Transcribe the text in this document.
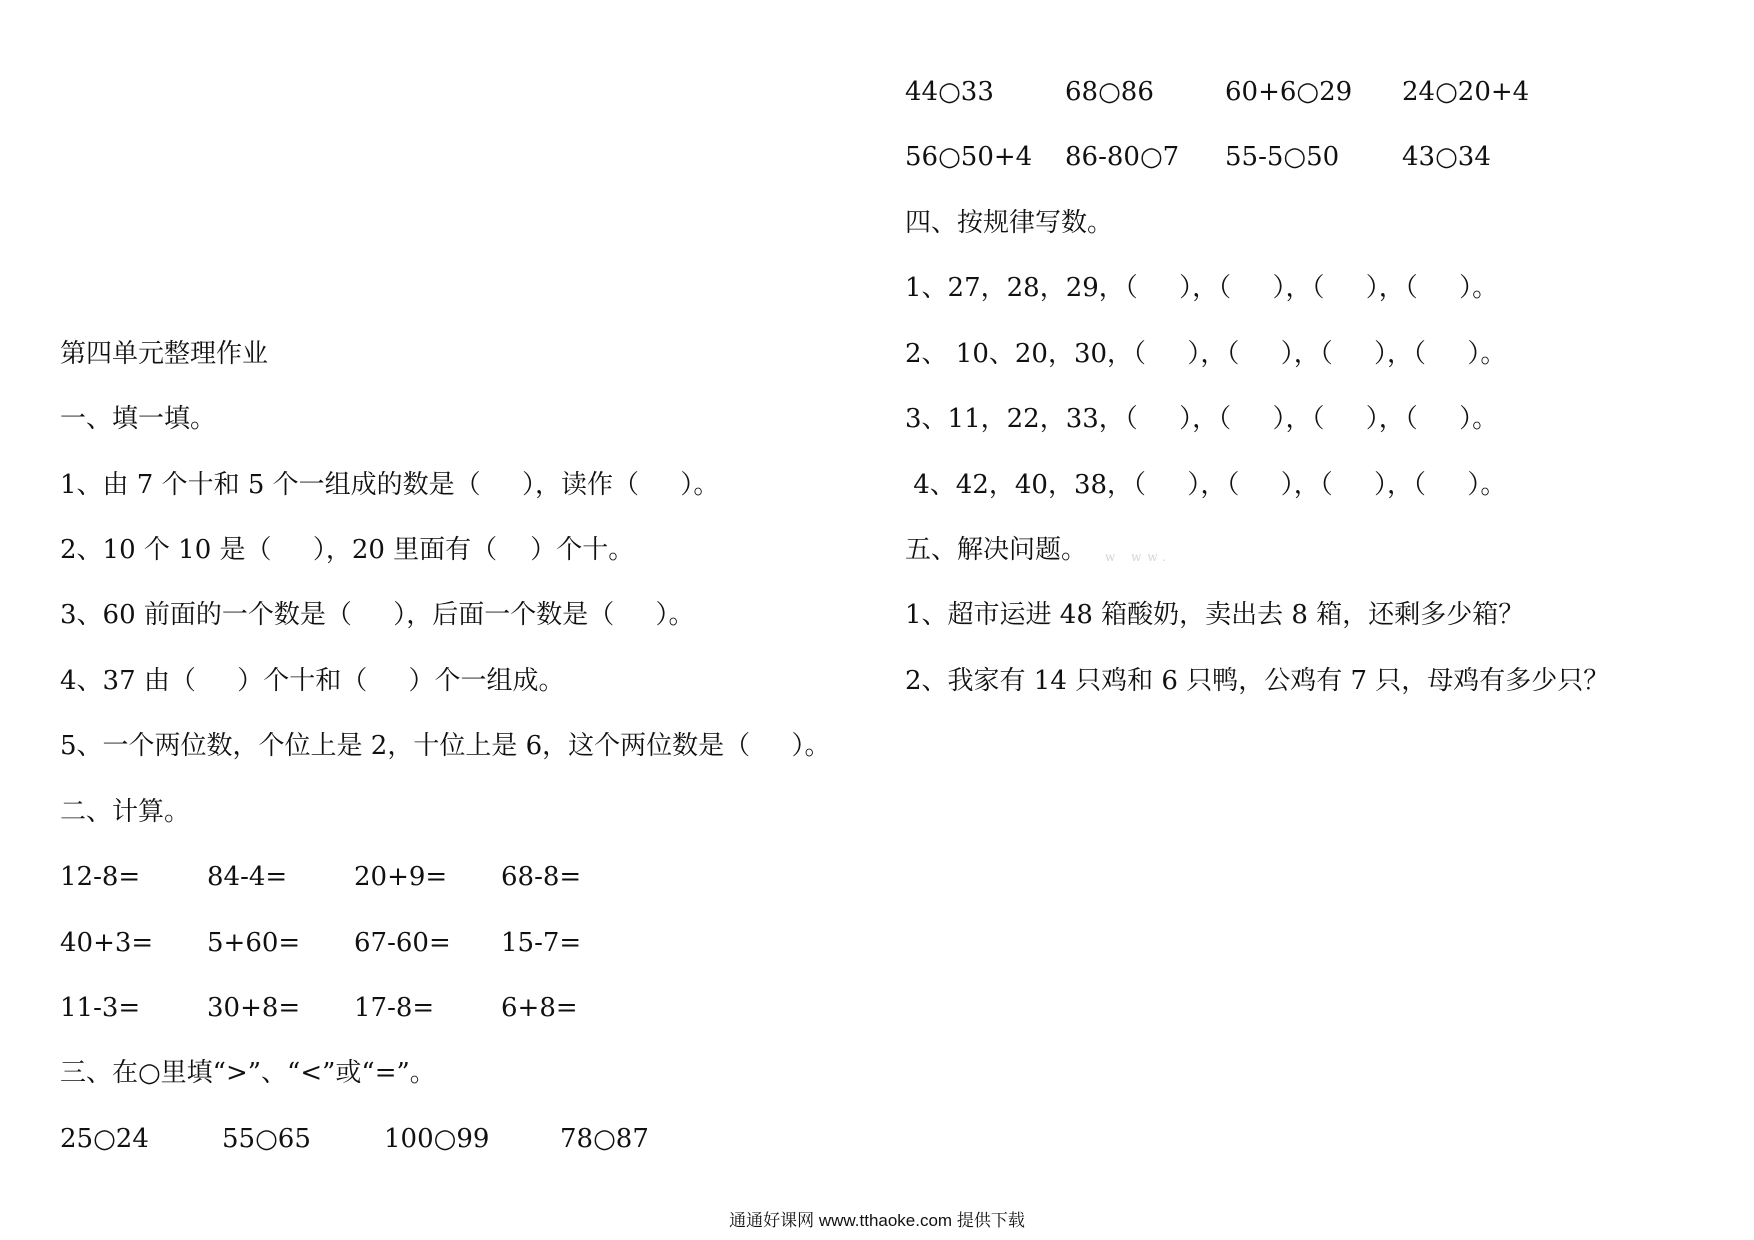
44○33	68○86	60+6○29 24○20+4
56○50+4 86-80○7 55-5○50 43○34
四、按规律写数。
1、27，28，29，（     ），（     ），（     ），（     ）。
2、 10、20，30，（     ），（     ），（     ），（     ）。
3、11，22，33，（     ），（     ），（     ），（     ）。
4、42，40，38，（     ），（     ），（     ），（     ）。
五、解决问题。 w ww.
1、超市运进 48 箱酸奶，卖出去 8 箱，还剩多少箱？
2、我家有 14 只鸡和 6 只鸭，公鸡有 7 只，母鸡有多少只？
第四单元整理作业
一、填一填。
1、由 7 个十和 5 个一组成的数是（     ），读作（     ）。
2、10 个 10 是（     ），20 里面有（    ）个十。
3、60 前面的一个数是（     ），后面一个数是（     ）。
4、37 由（     ）个十和（     ）个一组成。
5、一个两位数，个位上是 2，十位上是 6，这个两位数是（     ）。
二、计算。
12-8=	84-4=	20+9= 68-8=
40+3= 5+60= 67-60= 15-7=
11-3=	30+8= 17-8=	6+8=
三、在○里填“>”、“<”或“=”。
25○24	55○65	100○99	78○87
通通好课网 www.tthaoke.com 提供下载
